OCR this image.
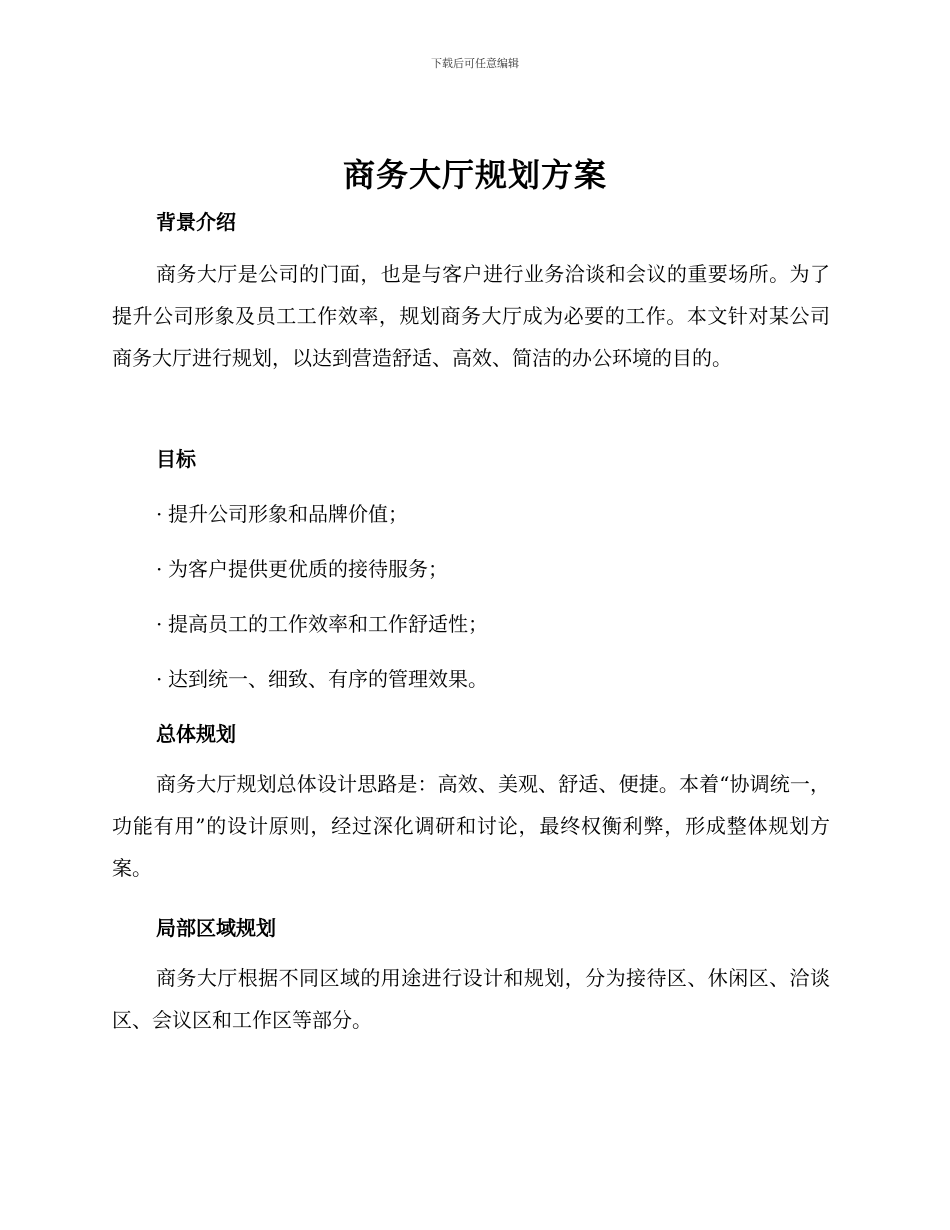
下载后可任意编辑
商务大厅规划方案
背景介绍

商务大厅是公司的门面，也是与客户进行业务洽谈和会议的重要场所。为了提升公司形象及员工工作效率，规划商务大厅成为必要的工作。本文针对某公司商务大厅进行规划，以达到营造舒适、高效、简洁的办公环境的目的。

目标
· 提升公司形象和品牌价值；
· 为客户提供更优质的接待服务；
· 提高员工的工作效率和工作舒适性；
· 达到统一、细致、有序的管理效果。
总体规划

商务大厅规划总体设计思路是：高效、美观、舒适、便捷。本着“协调统一，功能有用”的设计原则，经过深化调研和讨论，最终权衡利弊，形成整体规划方案。

局部区域规划

商务大厅根据不同区域的用途进行设计和规划，分为接待区、休闲区、洽谈区、会议区和工作区等部分。
